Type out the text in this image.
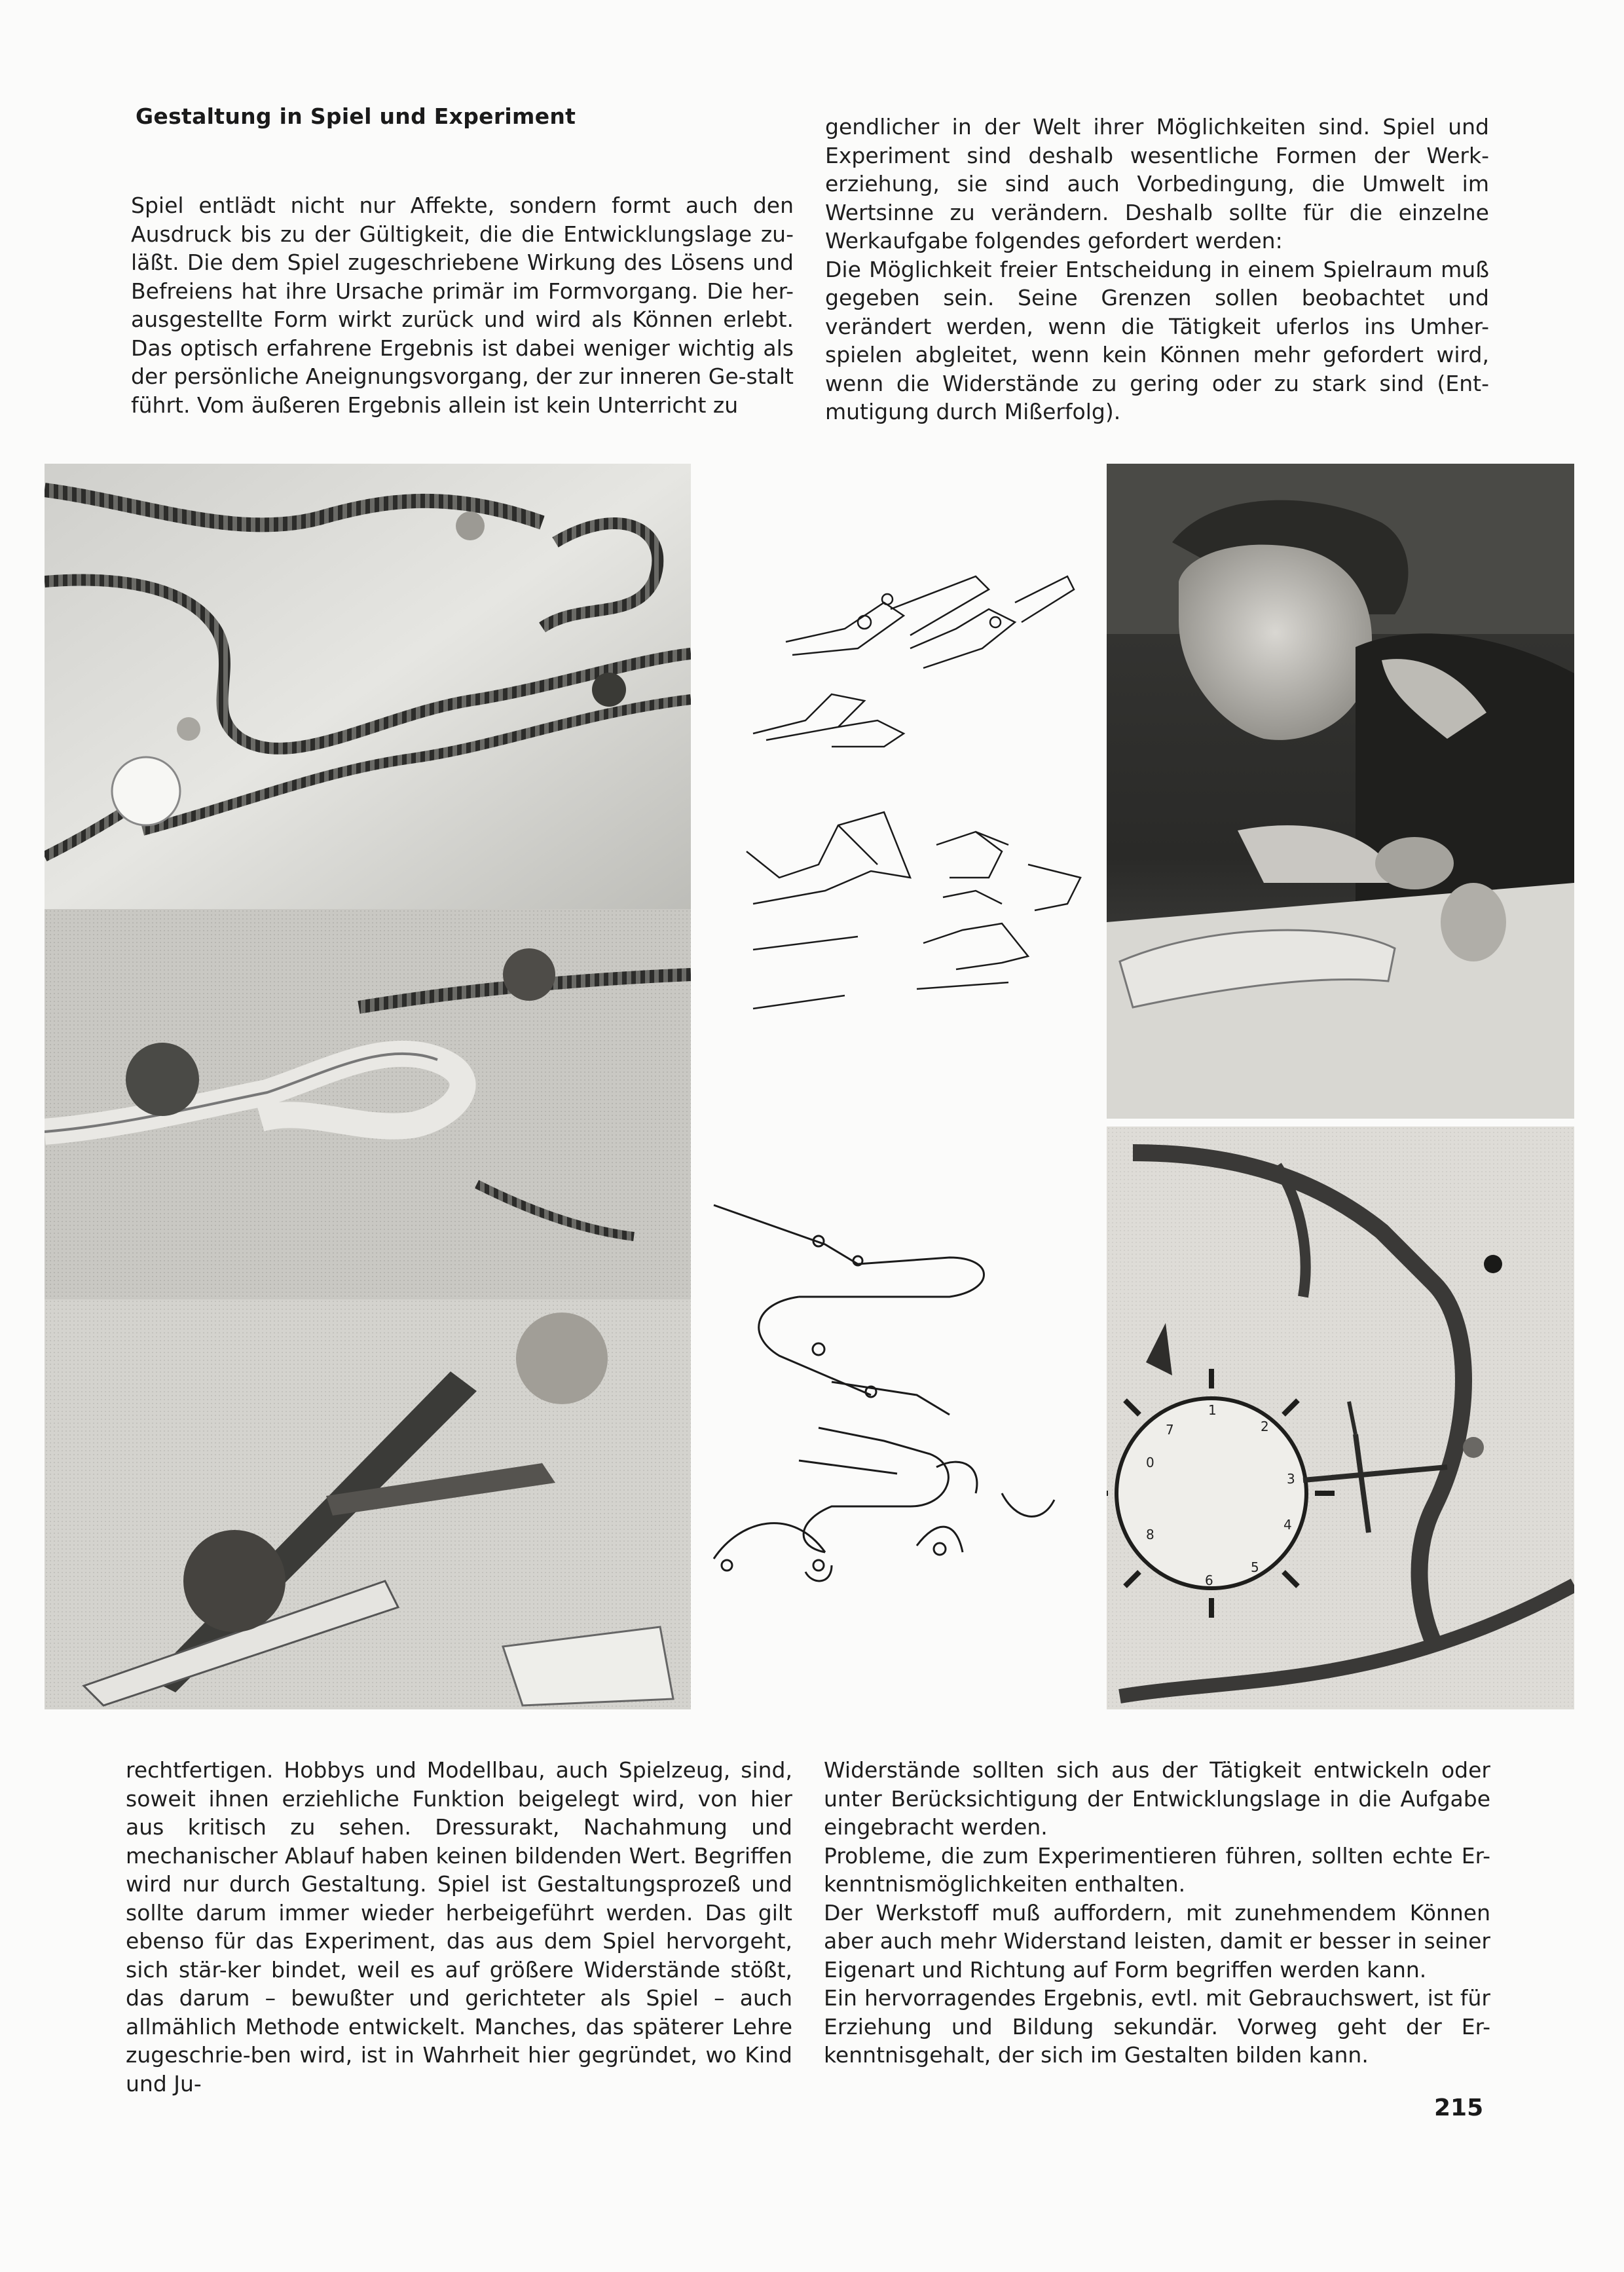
Gestaltung in Spiel und Experiment

Spiel entlädt nicht nur Affekte, sondern formt auch den Ausdruck bis zu der Gültigkeit, die die Entwicklungslage zu-läßt. Die dem Spiel zugeschriebene Wirkung des Lösens und Befreiens hat ihre Ursache primär im Formvorgang. Die her-ausgestellte Form wirkt zurück und wird als Können erlebt. Das optisch erfahrene Ergebnis ist dabei weniger wichtig als der persönliche Aneignungsvorgang, der zur inneren Ge-stalt führt. Vom äußeren Ergebnis allein ist kein Unterricht zu

gendlicher in der Welt ihrer Möglichkeiten sind. Spiel und Experiment sind deshalb wesentliche Formen der Werk-erziehung, sie sind auch Vorbedingung, die Umwelt im Wertsinne zu verändern. Deshalb sollte für die einzelne Werkaufgabe folgendes gefordert werden:

Die Möglichkeit freier Entscheidung in einem Spielraum muß gegeben sein. Seine Grenzen sollen beobachtet und verändert werden, wenn die Tätigkeit uferlos ins Umher-spielen abgleitet, wenn kein Können mehr gefordert wird, wenn die Widerstände zu gering oder zu stark sind (Ent-mutigung durch Mißerfolg).

1
2
3
4
5
6
8
0
7

rechtfertigen. Hobbys und Modellbau, auch Spielzeug, sind, soweit ihnen erziehliche Funktion beigelegt wird, von hier aus kritisch zu sehen. Dressurakt, Nachahmung und mechanischer Ablauf haben keinen bildenden Wert. Begriffen wird nur durch Gestaltung. Spiel ist Gestaltungsprozeß und sollte darum immer wieder herbeigeführt werden. Das gilt ebenso für das Experiment, das aus dem Spiel hervorgeht, sich stär-ker bindet, weil es auf größere Widerstände stößt, das darum – bewußter und gerichteter als Spiel – auch allmählich Methode entwickelt. Manches, das späterer Lehre zugeschrie-ben wird, ist in Wahrheit hier gegründet, wo Kind und Ju-

Widerstände sollten sich aus der Tätigkeit entwickeln oder unter Berücksichtigung der Entwicklungslage in die Aufgabe eingebracht werden.

Probleme, die zum Experimentieren führen, sollten echte Er-kenntnismöglichkeiten enthalten.

Der Werkstoff muß auffordern, mit zunehmendem Können aber auch mehr Widerstand leisten, damit er besser in seiner Eigenart und Richtung auf Form begriffen werden kann.

Ein hervorragendes Ergebnis, evtl. mit Gebrauchswert, ist für Erziehung und Bildung sekundär. Vorweg geht der Er-kenntnisgehalt, der sich im Gestalten bilden kann.

215
